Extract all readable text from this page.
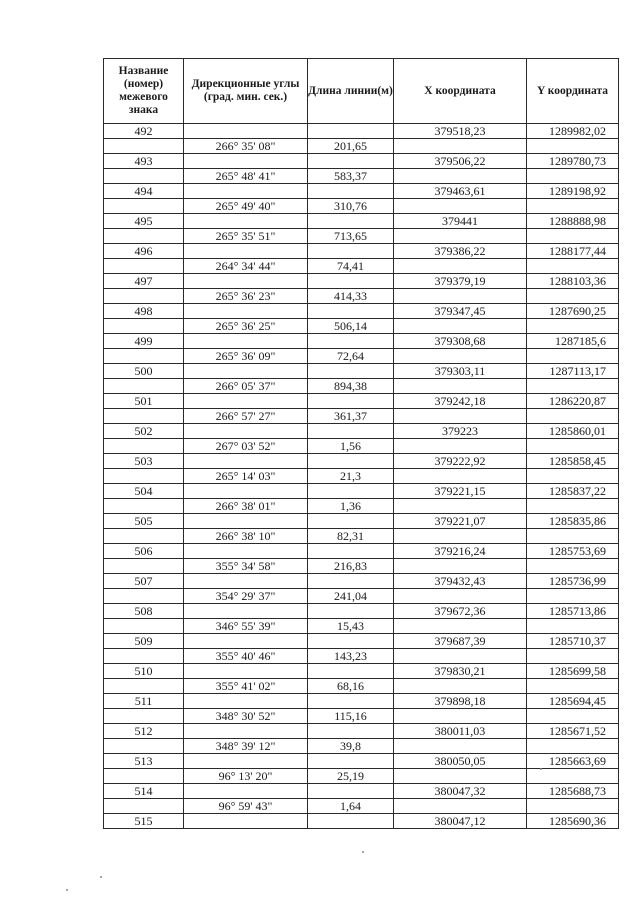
Название (номер) межевого знака	Дирекционные углы (град. мин. сек.)	Длина линии(м)	X координата	Y координата
492			379518,23	1289982,02
	266° 35' 08"	201,65		
493			379506,22	1289780,73
	265° 48' 41"	583,37		
494			379463,61	1289198,92
	265° 49' 40"	310,76		
495			379441	1288888,98
	265° 35' 51"	713,65		
496			379386,22	1288177,44
	264° 34' 44"	74,41		
497			379379,19	1288103,36
	265° 36' 23"	414,33		
498			379347,45	1287690,25
	265° 36' 25"	506,14		
499			379308,68	1287185,6
	265° 36' 09"	72,64		
500			379303,11	1287113,17
	266° 05' 37"	894,38		
501			379242,18	1286220,87
	266° 57' 27"	361,37		
502			379223	1285860,01
	267° 03' 52"	1,56		
503			379222,92	1285858,45
	265° 14' 03"	21,3		
504			379221,15	1285837,22
	266° 38' 01"	1,36		
505			379221,07	1285835,86
	266° 38' 10"	82,31		
506			379216,24	1285753,69
	355° 34' 58"	216,83		
507			379432,43	1285736,99
	354° 29' 37"	241,04		
508			379672,36	1285713,86
	346° 55' 39"	15,43		
509			379687,39	1285710,37
	355° 40' 46"	143,23		
510			379830,21	1285699,58
	355° 41' 02"	68,16		
511			379898,18	1285694,45
	348° 30' 52"	115,16		
512			380011,03	1285671,52
	348° 39' 12"	39,8		
513			380050,05	1285663,69
	96° 13' 20"	25,19		
514			380047,32	1285688,73
	96° 59' 43"	1,64		
515			380047,12	1285690,36
